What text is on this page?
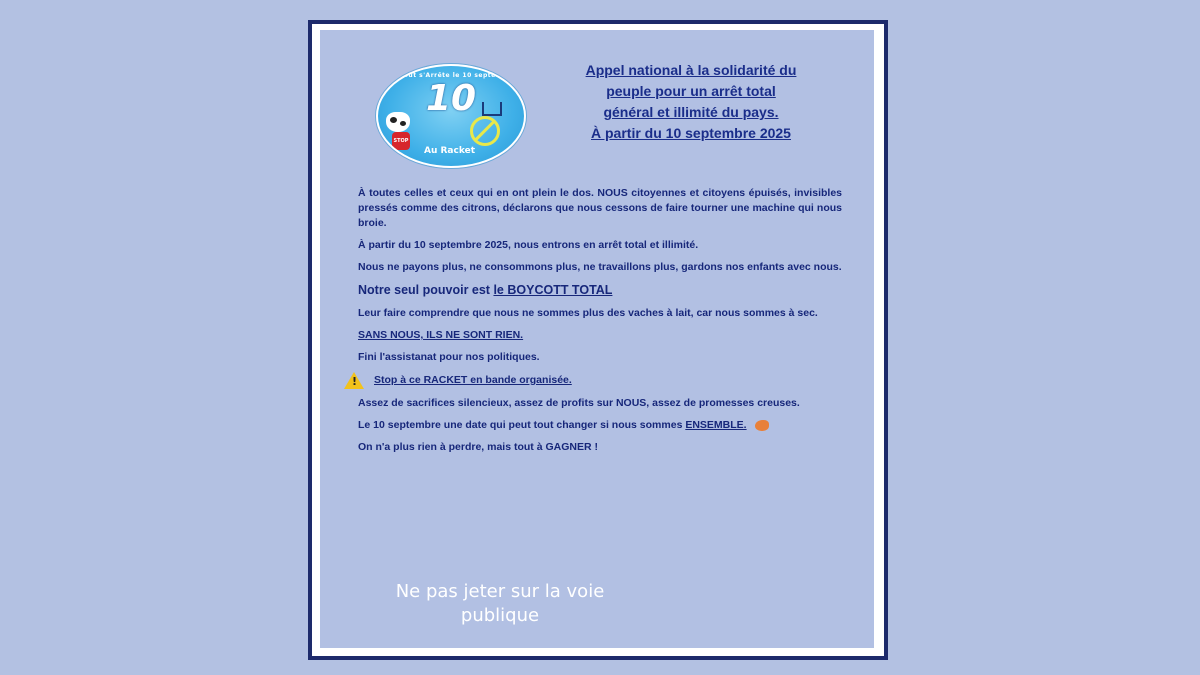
Tout s'Arrête le 10 septembre
10
STOP
Au Racket
Appel national à la solidarité du
peuple pour un arrêt total
général et illimité du pays.
À partir du 10 septembre 2025

À toutes celles et ceux qui en ont plein le dos. NOUS citoyennes et citoyens épuisés, invisibles pressés comme des citrons, déclarons que nous cessons de faire tourner une machine qui nous broie.

À partir du 10 septembre 2025, nous entrons en arrêt total et illimité.

Nous ne payons plus, ne consommons plus, ne travaillons plus, gardons nos enfants avec nous.

Notre seul pouvoir est le BOYCOTT TOTAL

Leur faire comprendre que nous ne sommes plus des vaches à lait, car nous sommes à sec.

SANS NOUS, ILS NE SONT RIEN.

Fini l'assistanat pour nos politiques.

!
Stop à ce RACKET en bande organisée.

Assez de sacrifices silencieux, assez de profits sur NOUS, assez de promesses creuses.

Le 10 septembre une date qui peut tout changer si nous sommes ENSEMBLE.

On n'a plus rien à perdre, mais tout à GAGNER !

Ne pas jeter sur la voie
publique
